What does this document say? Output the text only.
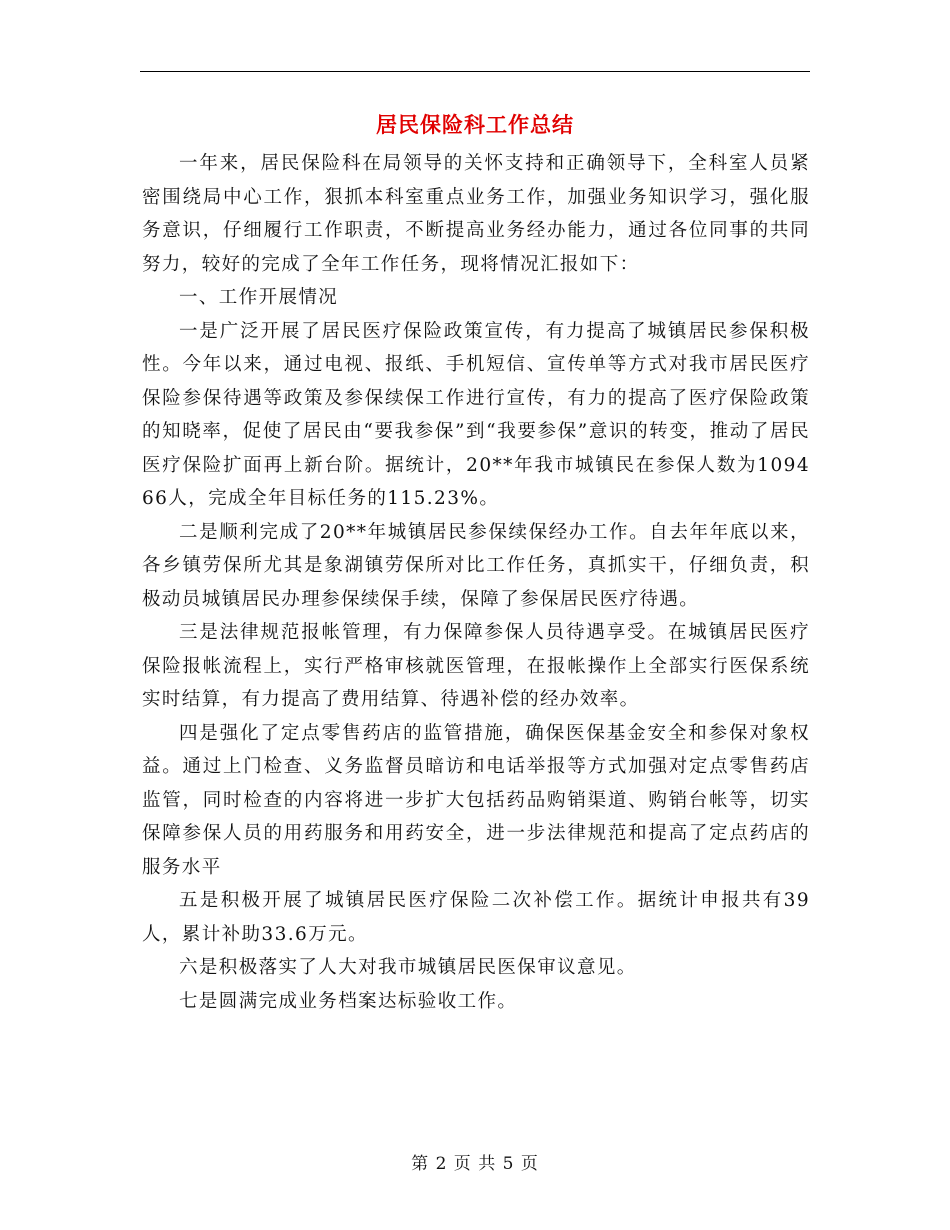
居民保险科工作总结

一年来，居民保险科在局领导的关怀支持和正确领导下，全科室人员紧密围绕局中心工作，狠抓本科室重点业务工作，加强业务知识学习，强化服务意识，仔细履行工作职责，不断提高业务经办能力，通过各位同事的共同努力，较好的完成了全年工作任务，现将情况汇报如下：

一、工作开展情况

一是广泛开展了居民医疗保险政策宣传，有力提高了城镇居民参保积极性。今年以来，通过电视、报纸、手机短信、宣传单等方式对我市居民医疗保险参保待遇等政策及参保续保工作进行宣传，有力的提高了医疗保险政策的知晓率，促使了居民由“要我参保”到“我要参保”意识的转变，推动了居民医疗保险扩面再上新台阶。据统计，20**年我市城镇民在参保人数为109466人，完成全年目标任务的115.23%。

二是顺利完成了20**年城镇居民参保续保经办工作。自去年年底以来，各乡镇劳保所尤其是象湖镇劳保所对比工作任务，真抓实干，仔细负责，积极动员城镇居民办理参保续保手续，保障了参保居民医疗待遇。

三是法律规范报帐管理，有力保障参保人员待遇享受。在城镇居民医疗保险报帐流程上，实行严格审核就医管理，在报帐操作上全部实行医保系统实时结算，有力提高了费用结算、待遇补偿的经办效率。

四是强化了定点零售药店的监管措施，确保医保基金安全和参保对象权益。通过上门检查、义务监督员暗访和电话举报等方式加强对定点零售药店监管，同时检查的内容将进一步扩大包括药品购销渠道、购销台帐等，切实保障参保人员的用药服务和用药安全，进一步法律规范和提高了定点药店的服务水平

五是积极开展了城镇居民医疗保险二次补偿工作。据统计申报共有39人，累计补助33.6万元。

六是积极落实了人大对我市城镇居民医保审议意见。

七是圆满完成业务档案达标验收工作。

第 2 页 共 5 页
